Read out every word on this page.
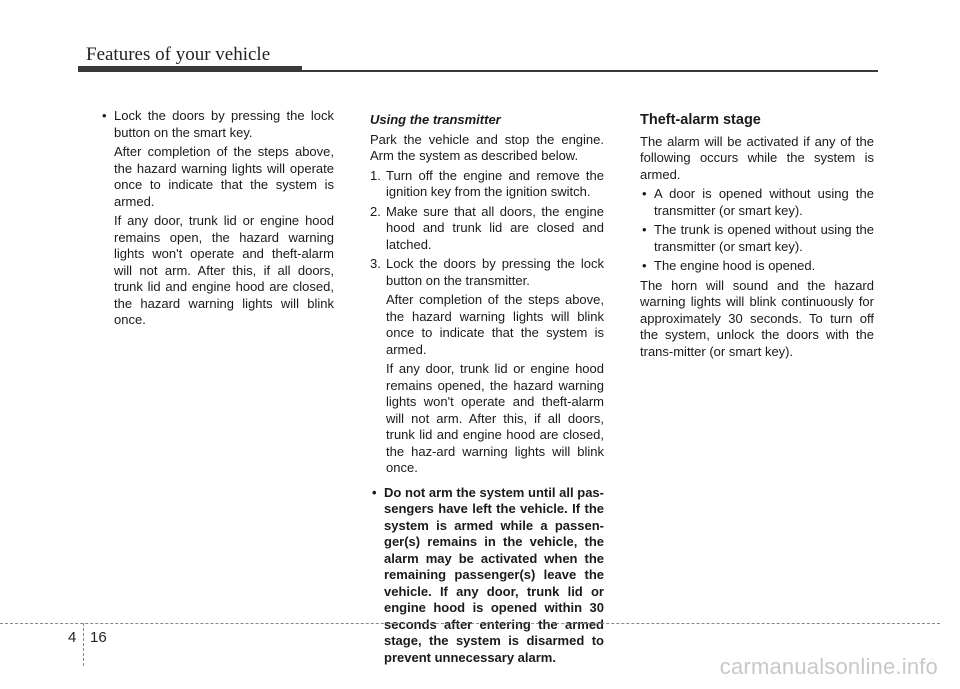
Features of your vehicle
• Lock the doors by pressing the lock button on the smart key.

After completion of the steps above, the hazard warning lights will operate once to indicate that the system is armed.

If any door, trunk lid or engine hood remains open, the hazard warning lights won't operate and theft-alarm will not arm. After this, if all doors, trunk lid and engine hood are closed, the hazard warning lights will blink once.

Using the transmitter

Park the vehicle and stop the engine. Arm the system as described below.

1. Turn off the engine and remove the ignition key from the ignition switch.
2. Make sure that all doors, the engine hood and trunk lid are closed and latched.
3. Lock the doors by pressing the lock button on the transmitter.

After completion of the steps above, the hazard warning lights will blink once to indicate that the system is armed.

If any door, trunk lid or engine hood remains opened, the hazard warning lights won't operate and theft-alarm will not arm. After this, if all doors, trunk lid and engine hood are closed, the haz-ard warning lights will blink once.

• Do not arm the system until all pas-sengers have left the vehicle. If the system is armed while a passen-ger(s) remains in the vehicle, the alarm may be activated when the remaining passenger(s) leave the vehicle. If any door, trunk lid or engine hood is opened within 30 seconds after entering the armed stage, the system is disarmed to prevent unnecessary alarm.
Theft-alarm stage

The alarm will be activated if any of the following occurs while the system is armed.

• A door is opened without using the transmitter (or smart key).
• The trunk is opened without using the transmitter (or smart key).
• The engine hood is opened.

The horn will sound and the hazard warning lights will blink continuously for approximately 30 seconds. To turn off the system, unlock the doors with the trans-mitter (or smart key).

4 16
carmanualsonline.info
